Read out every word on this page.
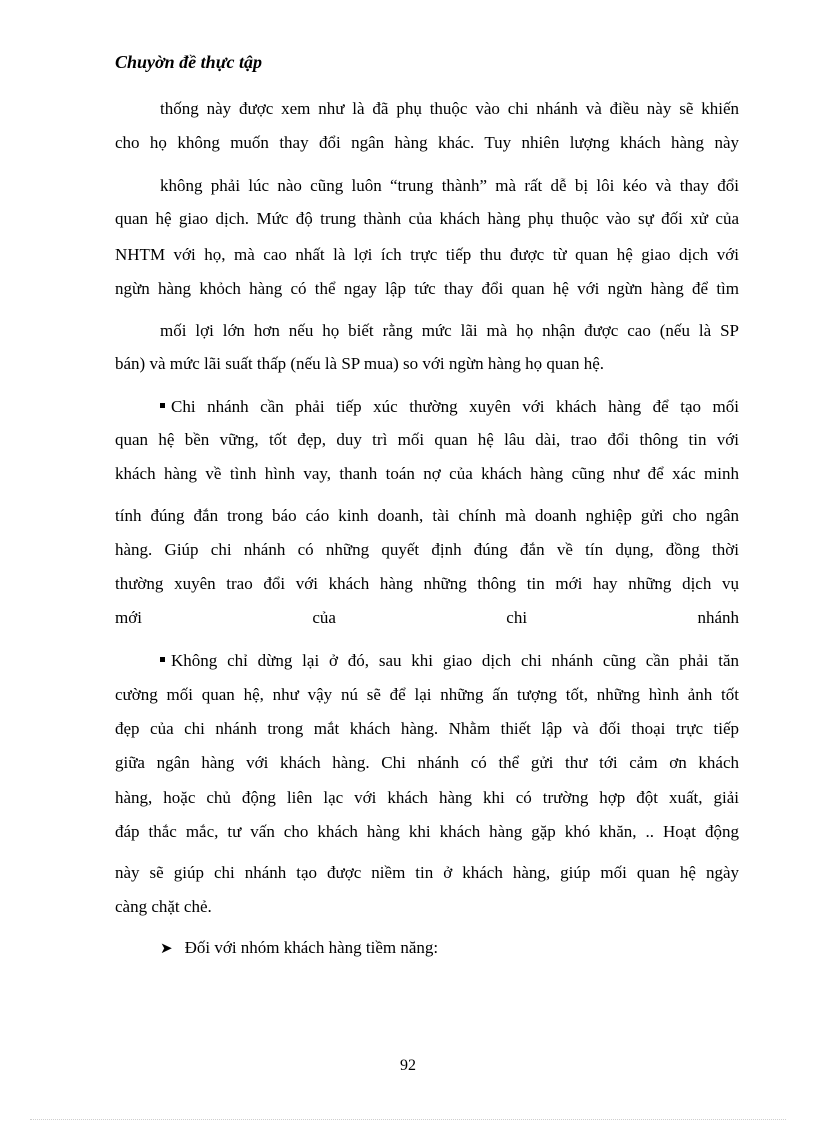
Chuyờn đề thực tập
thống này được xem như là đã phụ thuộc vào chi nhánh và điều này sẽ khiến
cho họ không muốn thay đổi ngân hàng khác. Tuy nhiên lượng khách hàng này
không phải lúc nào cũng luôn “trung thành” mà rất dễ bị lôi kéo và thay đổi
quan hệ giao dịch. Mức độ trung thành của khách hàng phụ thuộc vào sự đối xử của
NHTM với họ, mà cao nhất là lợi ích trực tiếp thu được từ quan hệ giao dịch với
ngừn hàng khỏch hàng có thể ngay lập tức thay đổi quan hệ với ngừn hàng để tìm
mối lợi lớn hơn nếu họ biết rằng mức lãi mà họ nhận được cao (nếu là SP
bán) và mức lãi suất thấp (nếu là SP mua) so với ngừn hàng họ quan hệ.
Chi nhánh cần phải tiếp xúc thường xuyên với khách hàng để tạo mối
quan hệ bền vững, tốt đẹp, duy trì mối quan hệ lâu dài, trao đổi thông tin với
khách hàng về tình hình vay, thanh toán nợ của khách hàng cũng như để xác minh
tính đúng đắn trong báo cáo kinh doanh, tài chính mà doanh nghiệp gửi cho ngân
hàng. Giúp chi nhánh có những quyết định đúng đắn về tín dụng, đồng thời
thường xuyên trao đổi với khách hàng những thông tin mới hay những dịch vụ
mới	của	chi	nhánh
Không chỉ dừng lại ở đó, sau khi giao dịch chi nhánh cũng cần phải tăn
cường mối quan hệ, như vậy nú sẽ để lại những ấn tượng tốt, những hình ảnh tốt
đẹp của chi nhánh trong mắt khách hàng. Nhằm thiết lập và đối thoại trực tiếp
giữa ngân hàng với khách hàng. Chi nhánh có thể gửi thư tới cảm ơn khách
hàng, hoặc chủ động liên lạc với khách hàng khi có trường hợp đột xuất, giải
đáp thắc mắc, tư vấn cho khách hàng khi khách hàng gặp khó khăn, .. Hoạt động
này sẽ giúp chi nhánh tạo được niềm tin ở khách hàng, giúp mối quan hệ ngày
càng chặt chẻ.
➤ Đối với nhóm khách hàng tiềm năng:
92
